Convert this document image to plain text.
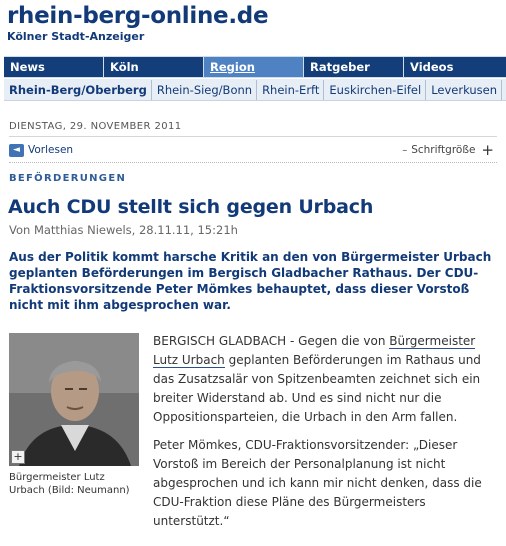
rhein-berg-online.de
Kölner Stadt-Anzeiger
News	Köln	Region	Ratgeber	Videos
Rhein-Berg/Oberberg Rhein-Sieg/Bonn Rhein-Erft Euskirchen-Eifel Leverkusen
DIENSTAG, 29. NOVEMBER 2011
◄ Vorlesen	– Schriftgröße +
BEFÖRDERUNGEN
Auch CDU stellt sich gegen Urbach
Von Matthias Niewels, 28.11.11, 15:21h

Aus der Politik kommt harsche Kritik an den von Bürgermeister Urbach geplanten Beförderungen im Bergisch Gladbacher Rathaus. Der CDU-Fraktionsvorsitzende Peter Mömkes behauptet, dass dieser Vorstoß nicht mit ihm abgesprochen war.

+
Bürgermeister Lutz Urbach (Bild: Neumann)

BERGISCH GLADBACH - Gegen die von Bürgermeister Lutz Urbach geplanten Beförderungen im Rathaus und das Zusatzsalär von Spitzenbeamten zeichnet sich ein breiter Widerstand ab. Und es sind nicht nur die Oppositionsparteien, die Urbach in den Arm fallen.

Peter Mömkes, CDU-Fraktionsvorsitzender: „Dieser Vorstoß im Bereich der Personalplanung ist nicht abgesprochen und ich kann mir nicht denken, dass die CDU-Fraktion diese Pläne des Bürgermeisters unterstützt.“
